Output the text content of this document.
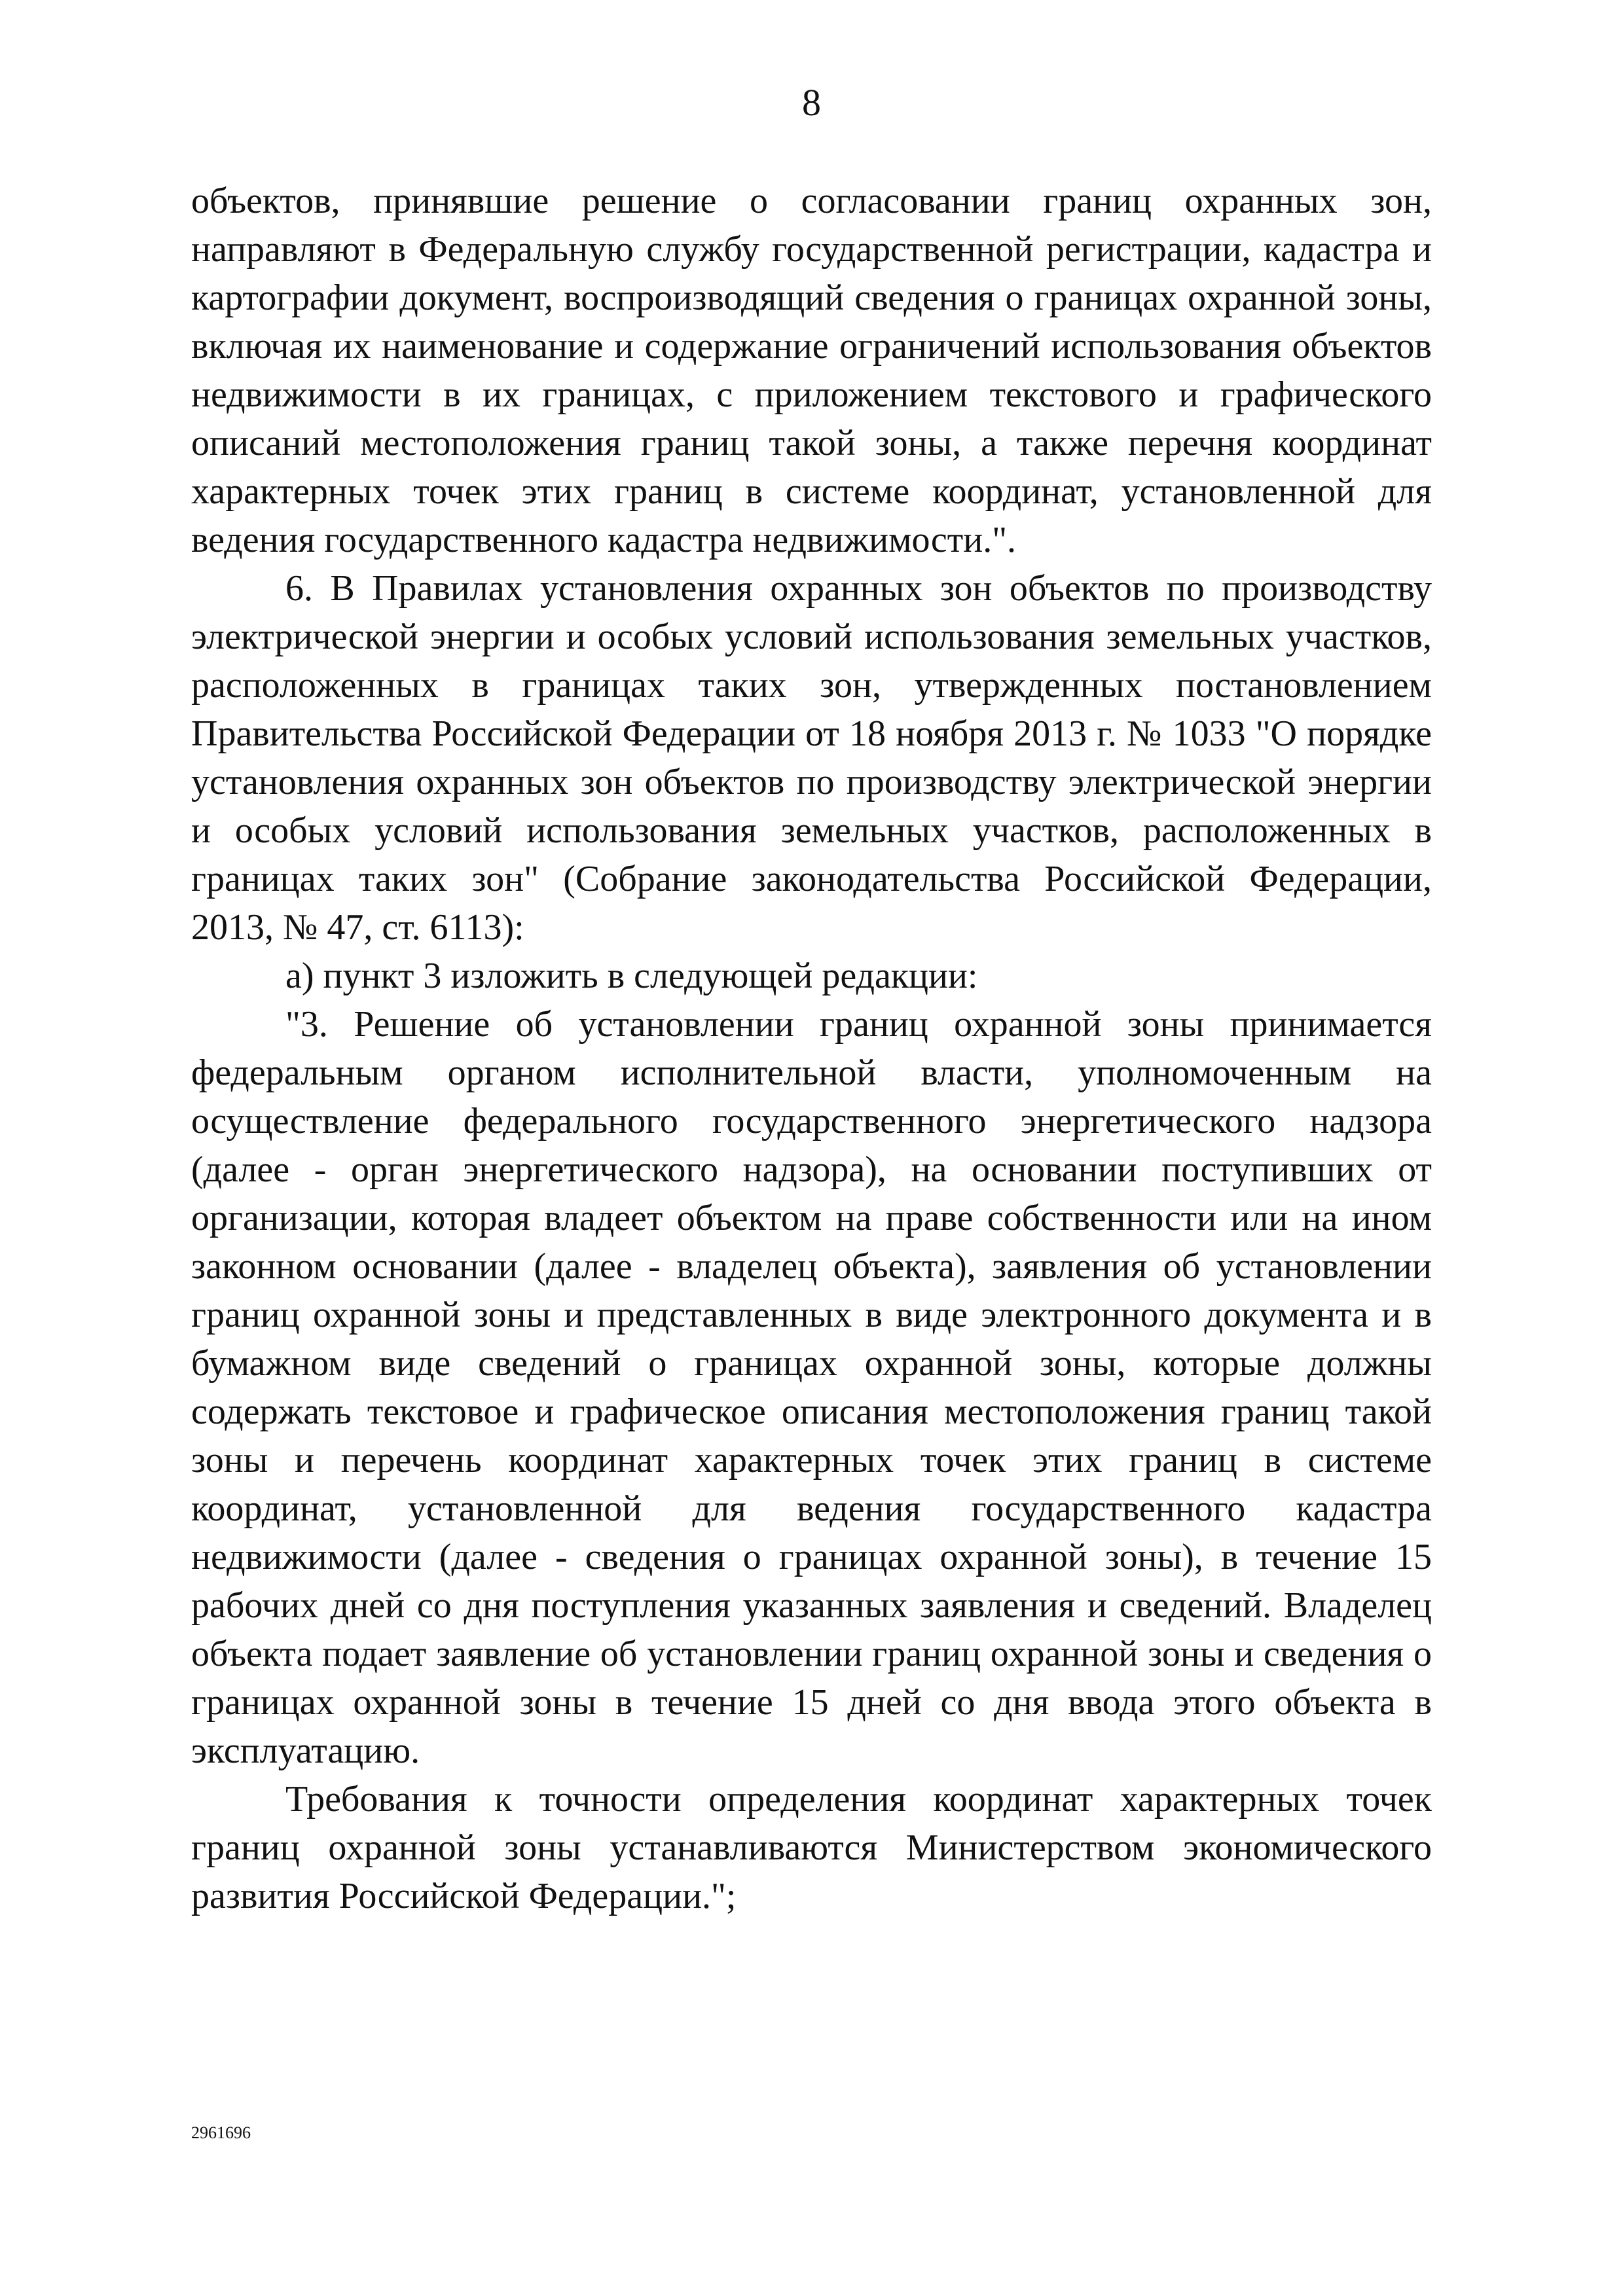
8

объектов, принявшие решение о согласовании границ охранных зон, направляют в Федеральную службу государственной регистрации, кадастра и картографии документ, воспроизводящий сведения о границах охранной зоны, включая их наименование и содержание ограничений использования объектов недвижимости в их границах, с приложением текстового и графического описаний местоположения границ такой зоны, а также перечня координат характерных точек этих границ в системе координат, установленной для ведения государственного кадастра недвижимости.".

6. В Правилах установления охранных зон объектов по производству электрической энергии и особых условий использования земельных участков, расположенных в границах таких зон, утвержденных постановлением Правительства Российской Федерации от 18 ноября 2013 г. № 1033 "О порядке установления охранных зон объектов по производству электрической энергии и особых условий использования земельных участков, расположенных в границах таких зон" (Собрание законодательства Российской Федерации, 2013, № 47, ст. 6113):

а) пункт 3 изложить в следующей редакции:

"3. Решение об установлении границ охранной зоны принимается федеральным органом исполнительной власти, уполномоченным на осуществление федерального государственного энергетического надзора (далее - орган энергетического надзора), на основании поступивших от организации, которая владеет объектом на праве собственности или на ином законном основании (далее - владелец объекта), заявления об установлении границ охранной зоны и представленных в виде электронного документа и в бумажном виде сведений о границах охранной зоны, которые должны содержать текстовое и графическое описания местоположения границ такой зоны и перечень координат характерных точек этих границ в системе координат, установленной для ведения государственного кадастра недвижимости (далее - сведения о границах охранной зоны), в течение 15 рабочих дней со дня поступления указанных заявления и сведений. Владелец объекта подает заявление об установлении границ охранной зоны и сведения о границах охранной зоны в течение 15 дней со дня ввода этого объекта в эксплуатацию.

Требования к точности определения координат характерных точек границ охранной зоны устанавливаются Министерством экономического развития Российской Федерации.";

2961696
